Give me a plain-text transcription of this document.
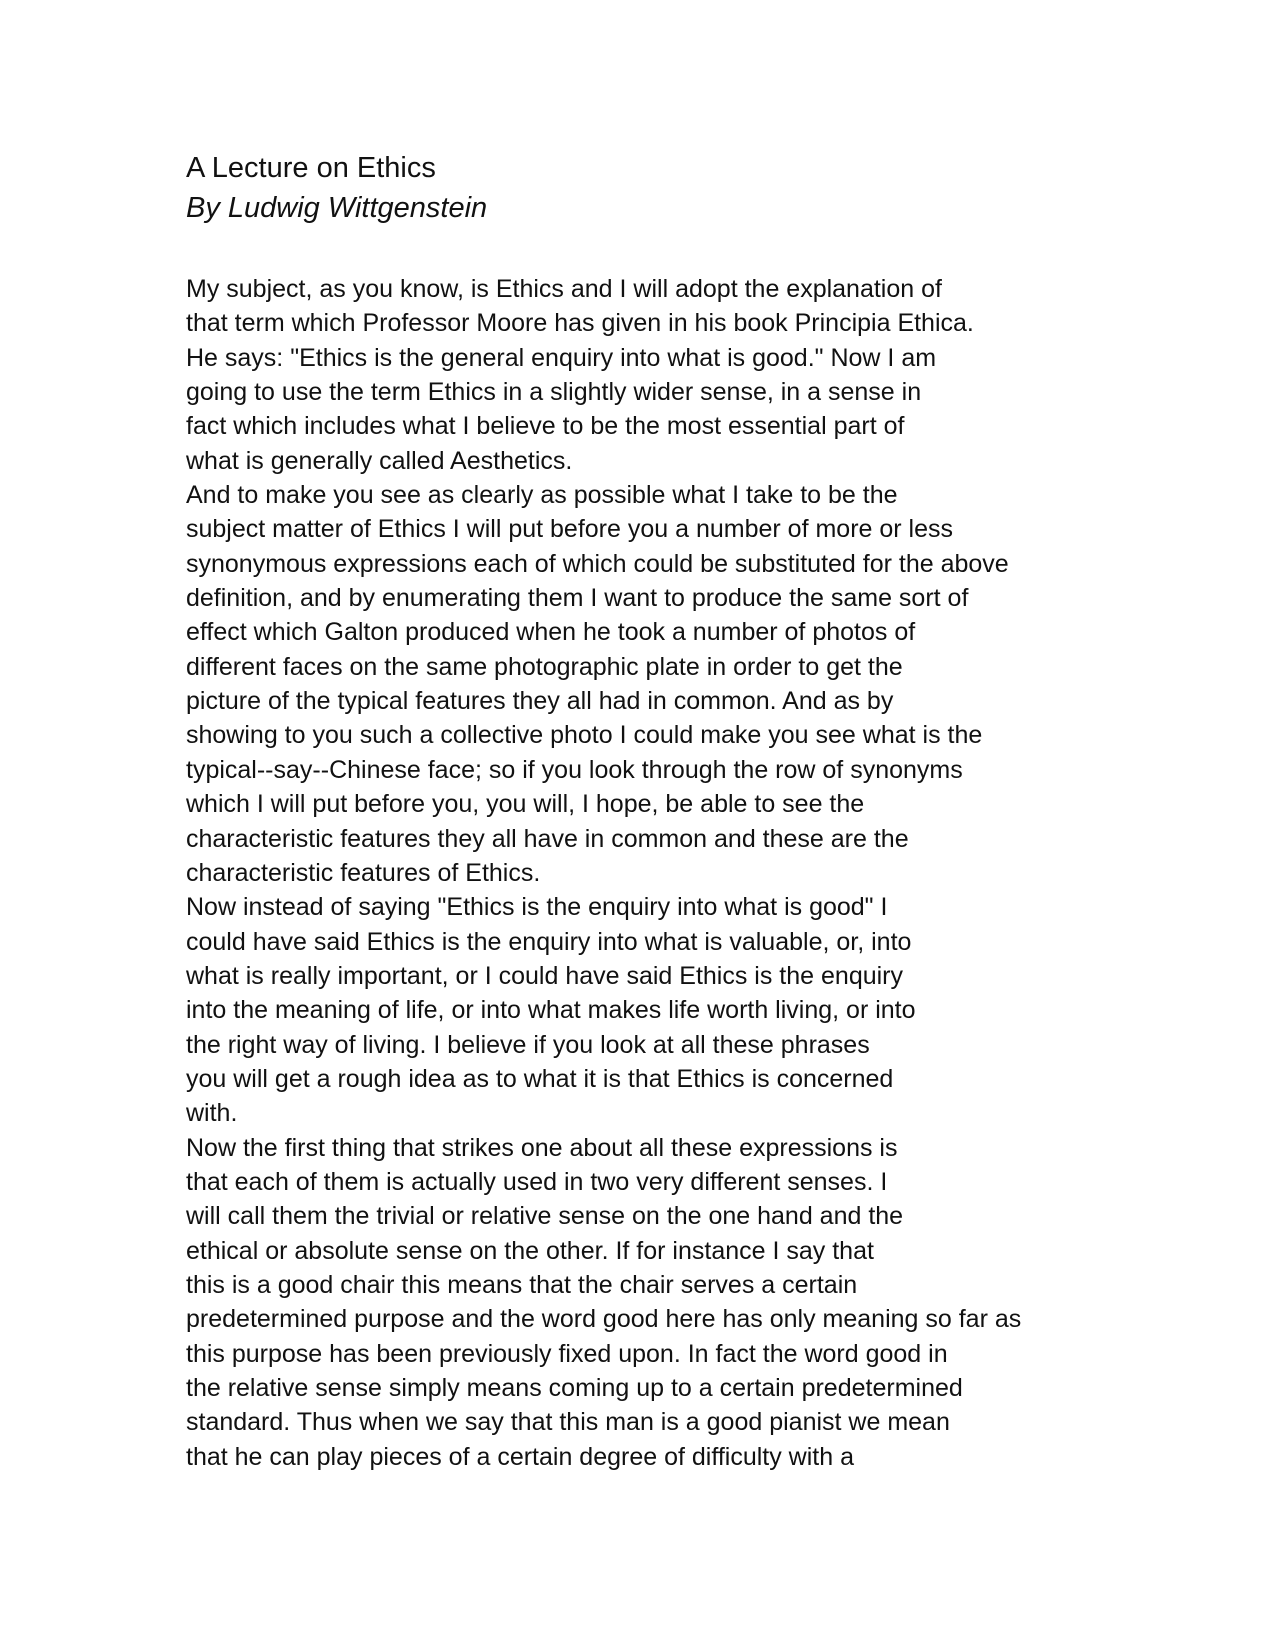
A Lecture on Ethics
By Ludwig Wittgenstein
My subject, as you know, is Ethics and I will adopt the explanation of
that term which Professor Moore has given in his book Principia Ethica.
He says: "Ethics is the general enquiry into what is good." Now I am
going to use the term Ethics in a slightly wider sense, in a sense in
fact which includes what I believe to be the most essential part of
what is generally called Aesthetics.
And to make you see as clearly as possible what I take to be the
subject matter of Ethics I will put before you a number of more or less
synonymous expressions each of which could be substituted for the above
definition, and by enumerating them I want to produce the same sort of
effect which Galton produced when he took a number of photos of
different faces on the same photographic plate in order to get the
picture of the typical features they all had in common. And as by
showing to you such a collective photo I could make you see what is the
typical--say--Chinese face; so if you look through the row of synonyms
which I will put before you, you will, I hope, be able to see the
characteristic features they all have in common and these are the
characteristic features of Ethics.
Now instead of saying "Ethics is the enquiry into what is good" I
could have said Ethics is the enquiry into what is valuable, or, into
what is really important, or I could have said Ethics is the enquiry
into the meaning of life, or into what makes life worth living, or into
the right way of living. I believe if you look at all these phrases
you will get a rough idea as to what it is that Ethics is concerned
with.
Now the first thing that strikes one about all these expressions is
that each of them is actually used in two very different senses. I
will call them the trivial or relative sense on the one hand and the
ethical or absolute sense on the other. If for instance I say that
this is a good chair this means that the chair serves a certain
predetermined purpose and the word good here has only meaning so far as
this purpose has been previously fixed upon. In fact the word good in
the relative sense simply means coming up to a certain predetermined
standard. Thus when we say that this man is a good pianist we mean
that he can play pieces of a certain degree of difficulty with a
